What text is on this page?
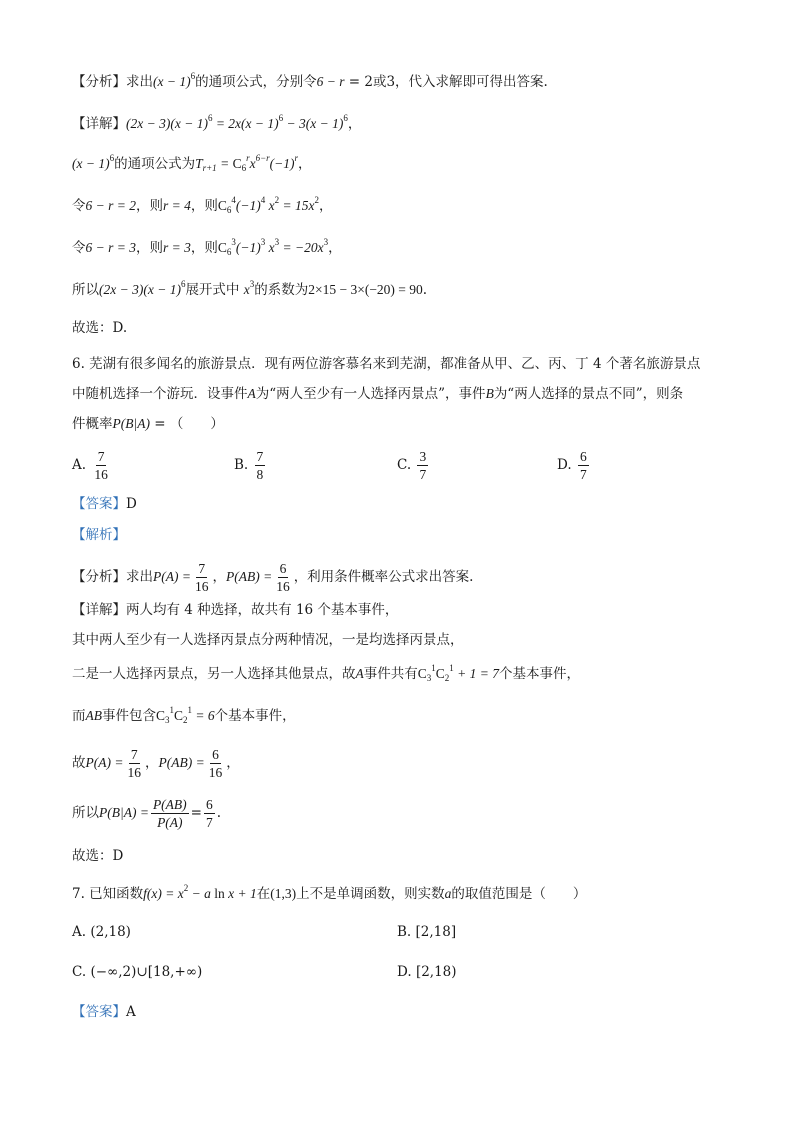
【分析】求出$(x - 1)^6$的通项公式，分别令6 − r = 2或3，代入求解即可得出答案.
【详解】$(2x - 3)(x - 1)^6 = 2x(x - 1)^6 - 3(x - 1)^6$，
$(x - 1)^6$的通项公式为$T_{r+1} = C_6^rx^{6-r}(-1)^r$，
令6 − r = 2，则r = 4，则$C_6^4(-1)^4$ $x^2 = 15x^2$，
令6 − r = 3，则r = 3，则$C_6^3(-1)^3$ $x^3 = -20x^3$，
所以$(2x - 3)(x - 1)^6$展开式中 $x^3$的系数为2×15 − 3×(−20) = 90.
故选：D.
6. 芜湖有很多闻名的旅游景点．现有两位游客慕名来到芜湖，都准备从甲、乙、丙、丁 4 个著名旅游景点
中随机选择一个游玩．设事件A为“两人至少有一人选择丙景点”，事件B为“两人选择的景点不同”，则条
件概率P(B|A) = （　　）
A. $\frac{7}{16}$	B. $\frac{7}{8}$	C. $\frac{3}{7}$	D. $\frac{6}{7}$
【答案】D
【解析】
【分析】求出$P(A) = \frac{7}{16}$ ，$P(AB) = \frac{6}{16}$ ，利用条件概率公式求出答案.
【详解】两人均有 4 种选择，故共有 16 个基本事件，
其中两人至少有一人选择丙景点分两种情况，一是均选择丙景点，
二是一人选择丙景点，另一人选择其他景点，故A事件共有$C_3^1C_2^1 + 1 = 7$个基本事件，
而AB事件包含$C_3^1C_2^1 = 6$个基本事件，
故$P(A) = \frac{7}{16}$ ，$P(AB) = \frac{6}{16}$ ，
所以$P(B|A) = \frac{P(AB)}{P(A)} = \frac{6}{7}$ .
故选：D
7. 已知函数$f(x) = x^2 - a$ ln x + 1在(1,3)上不是单调函数，则实数a的取值范围是（　　）
A. (2,18)	B. [2,18]
C. (−∞,2)∪[18,+∞)	D. [2,18)
【答案】A
